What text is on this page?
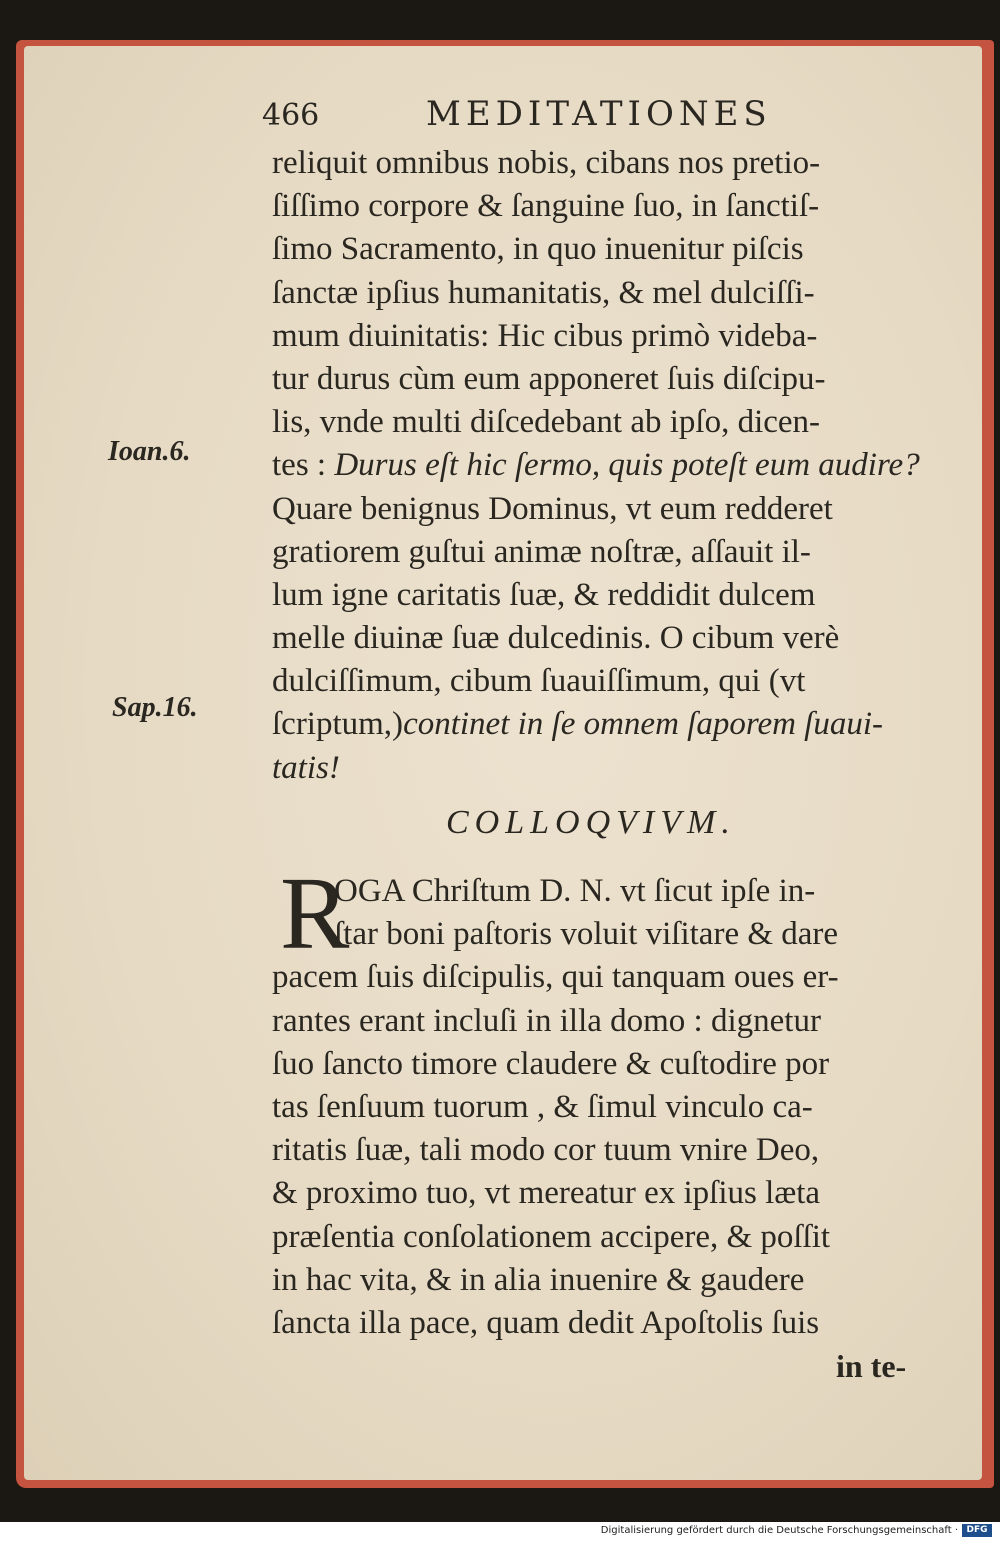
466	MEDITATIONES
reliquit omnibus nobis, cibans nos pretio-
ſiſſimo corpore & ſanguine ſuo, in ſanctiſ-
ſimo Sacramento, in quo inuenitur piſcis
ſanctæ ipſius humanitatis, & mel dulciſſi-
mum diuinitatis: Hic cibus primò videba-
tur durus cùm eum apponeret ſuis diſcipu-
lis, vnde multi diſcedebant ab ipſo, dicen-
tes : Durus eſt hic ſermo, quis poteſt eum audire?
Quare benignus Dominus, vt eum redderet
gratiorem guſtui animæ noſtræ, aſſauit il-
lum igne caritatis ſuæ, & reddidit dulcem
melle diuinæ ſuæ dulcedinis. O cibum verè
dulciſſimum, cibum ſuauiſſimum, qui (vt
ſcriptum,)continet in ſe omnem ſaporem ſuaui-
tatis!
Ioan.6.
Sap.16.
COLLOQVIVM.
R
OGA Chriſtum D. N. vt ſicut ipſe in-
ſtar boni paſtoris voluit viſitare & dare
pacem ſuis diſcipulis, qui tanquam oues er-
rantes erant incluſi in illa domo : dignetur
ſuo ſancto timore claudere & cuſtodire por
tas ſenſuum tuorum , & ſimul vinculo ca-
ritatis ſuæ, tali modo cor tuum vnire Deo,
& proximo tuo, vt mereatur ex ipſius læta
præſentia conſolationem accipere, & poſſit
in hac vita, & in alia inuenire & gaudere
ſancta illa pace, quam dedit Apoſtolis ſuis
in te-
Digitalisierung gefördert durch die Deutsche Forschungsgemeinschaft · DFG
